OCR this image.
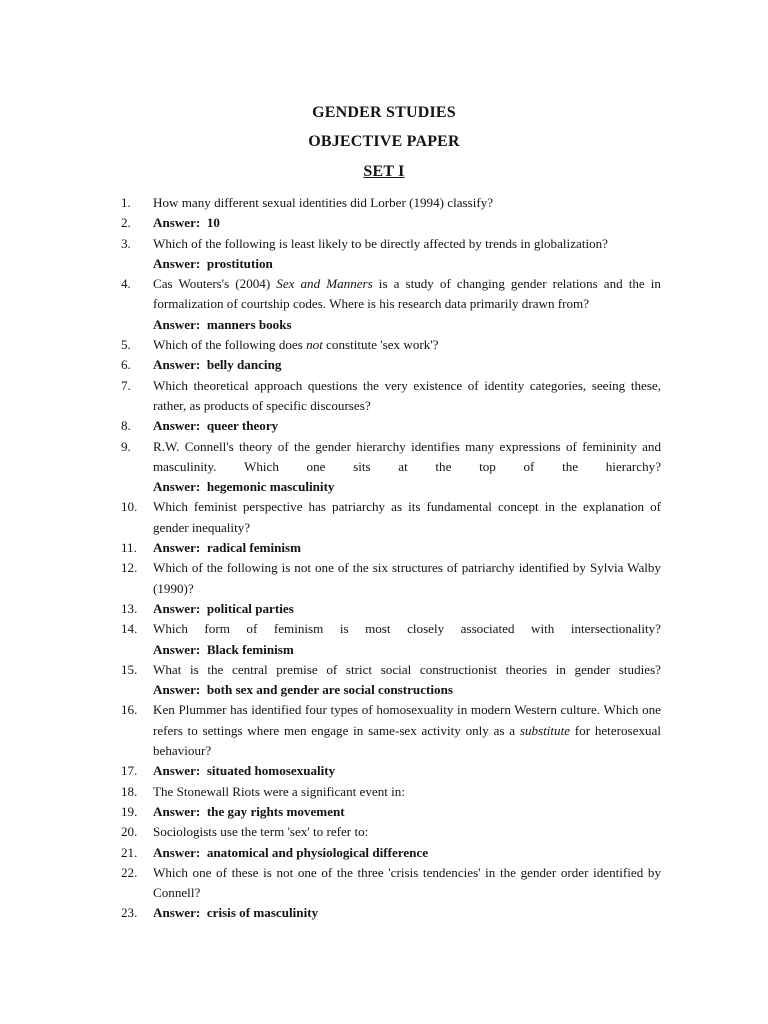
GENDER STUDIES
OBJECTIVE PAPER
SET I
1.	How many different sexual identities did Lorber (1994) classify?
2.	Answer:  10
3.	Which of the following is least likely to be directly affected by trends in globalization?
Answer:  prostitution
4.	Cas Wouters's (2004) Sex and Manners is a study of changing gender relations and the in formalization of courtship codes. Where is his research data primarily drawn from?
Answer:  manners books
5.	Which of the following does not constitute 'sex work'?
6.	Answer:  belly dancing
7.	Which theoretical approach questions the very existence of identity categories, seeing these, rather, as products of specific discourses?
8.	Answer:  queer theory
9.	R.W. Connell's theory of the gender hierarchy identifies many expressions of femininity and masculinity. Which one sits at the top of the hierarchy?
Answer:  hegemonic masculinity
10.	Which feminist perspective has patriarchy as its fundamental concept in the explanation of gender inequality?
11.	Answer:  radical feminism
12.	Which of the following is not one of the six structures of patriarchy identified by Sylvia Walby (1990)?
13.	Answer:  political parties
14.	Which form of feminism is most closely associated with intersectionality?
Answer:  Black feminism
15.	What is the central premise of strict social constructionist theories in gender studies?
Answer:  both sex and gender are social constructions
16.	Ken Plummer has identified four types of homosexuality in modern Western culture. Which one refers to settings where men engage in same-sex activity only as a substitute for heterosexual behaviour?
17.	Answer:  situated homosexuality
18.	The Stonewall Riots were a significant event in:
19.	Answer:  the gay rights movement
20.	Sociologists use the term 'sex' to refer to:
21.	Answer:  anatomical and physiological difference
22.	Which one of these is not one of the three 'crisis tendencies' in the gender order identified by Connell?
23.	Answer:  crisis of masculinity
